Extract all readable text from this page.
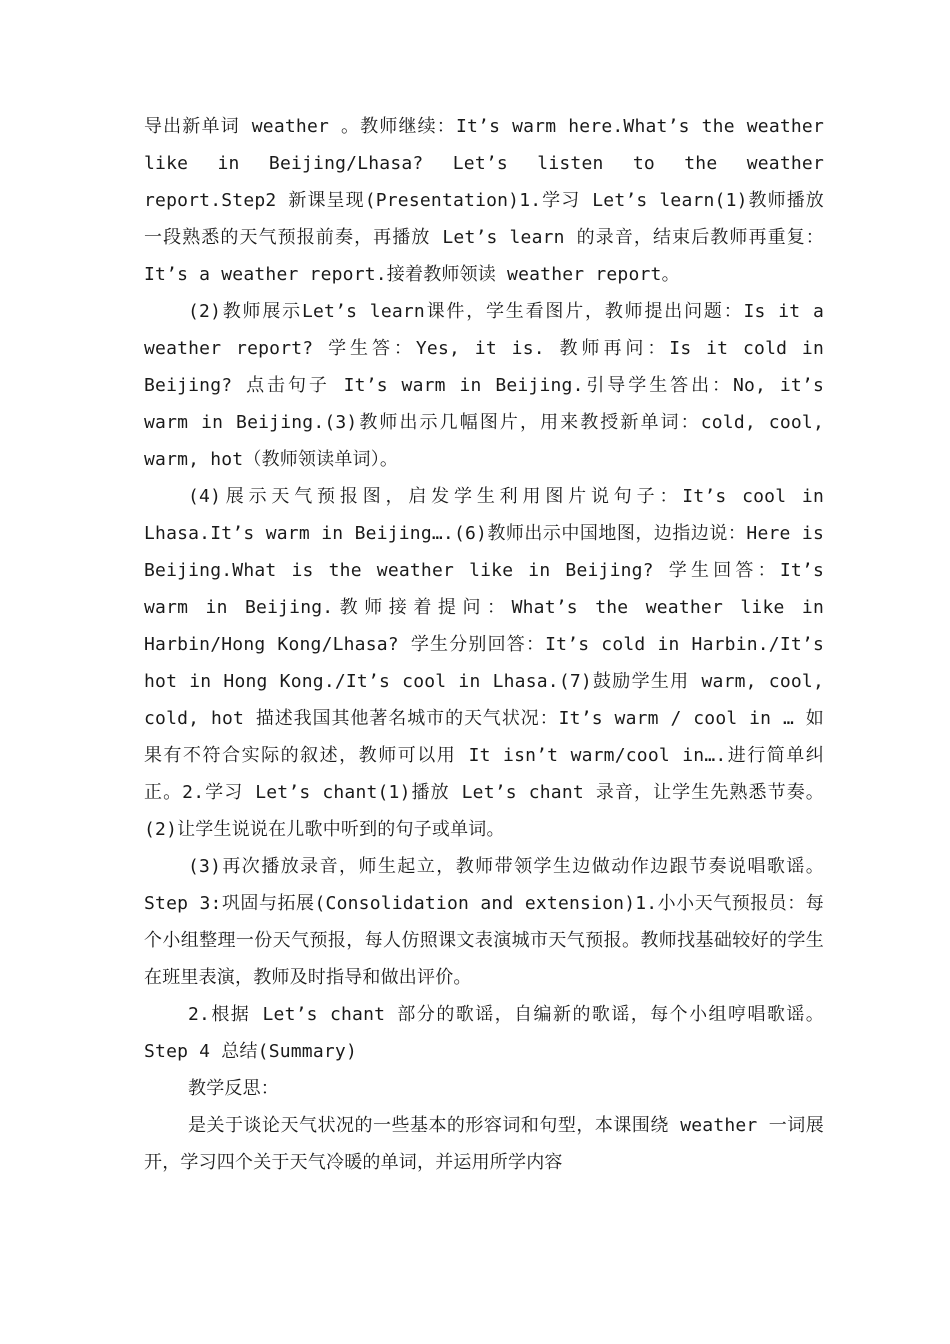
导出新单词 weather 。教师继续：It’s warm here.What’s the weather like in Beijing/Lhasa? Let’s listen to the weather report.Step2 新课呈现(Presentation)1.学习 Let’s learn(1)教师播放一段熟悉的天气预报前奏，再播放 Let’s learn 的录音，结束后教师再重复：It’s a weather report.接着教师领读 weather report。

(2)教师展示Let’s learn课件，学生看图片，教师提出问题：Is it a weather report? 学生答：Yes, it is. 教师再问：Is it cold in Beijing? 点击句子 It’s warm in Beijing.引导学生答出：No, it’s warm in Beijing.(3)教师出示几幅图片，用来教授新单词：cold, cool, warm, hot（教师领读单词）。

(4)展示天气预报图，启发学生利用图片说句子：It’s cool in Lhasa.It’s warm in Beijing….(6)教师出示中国地图，边指边说：Here is Beijing.What is the weather like in Beijing? 学生回答：It’s warm in Beijing.教师接着提问：What’s the weather like in Harbin/Hong Kong/Lhasa? 学生分别回答：It’s cold in Harbin./It’s hot in Hong Kong./It’s cool in Lhasa.(7)鼓励学生用 warm, cool, cold, hot 描述我国其他著名城市的天气状况：It’s warm / cool in … 如果有不符合实际的叙述，教师可以用 It isn’t warm/cool in….进行简单纠正。2.学习 Let’s chant(1)播放 Let’s chant 录音，让学生先熟悉节奏。(2)让学生说说在儿歌中听到的句子或单词。

(3)再次播放录音，师生起立，教师带领学生边做动作边跟节奏说唱歌谣。Step 3:巩固与拓展(Consolidation and extension)1.小小天气预报员：每个小组整理一份天气预报，每人仿照课文表演城市天气预报。教师找基础较好的学生在班里表演，教师及时指导和做出评价。

2.根据 Let’s chant 部分的歌谣，自编新的歌谣，每个小组哼唱歌谣。Step 4 总结(Summary)

教学反思：

是关于谈论天气状况的一些基本的形容词和句型，本课围绕 weather 一词展开，学习四个关于天气冷暖的单词，并运用所学内容
